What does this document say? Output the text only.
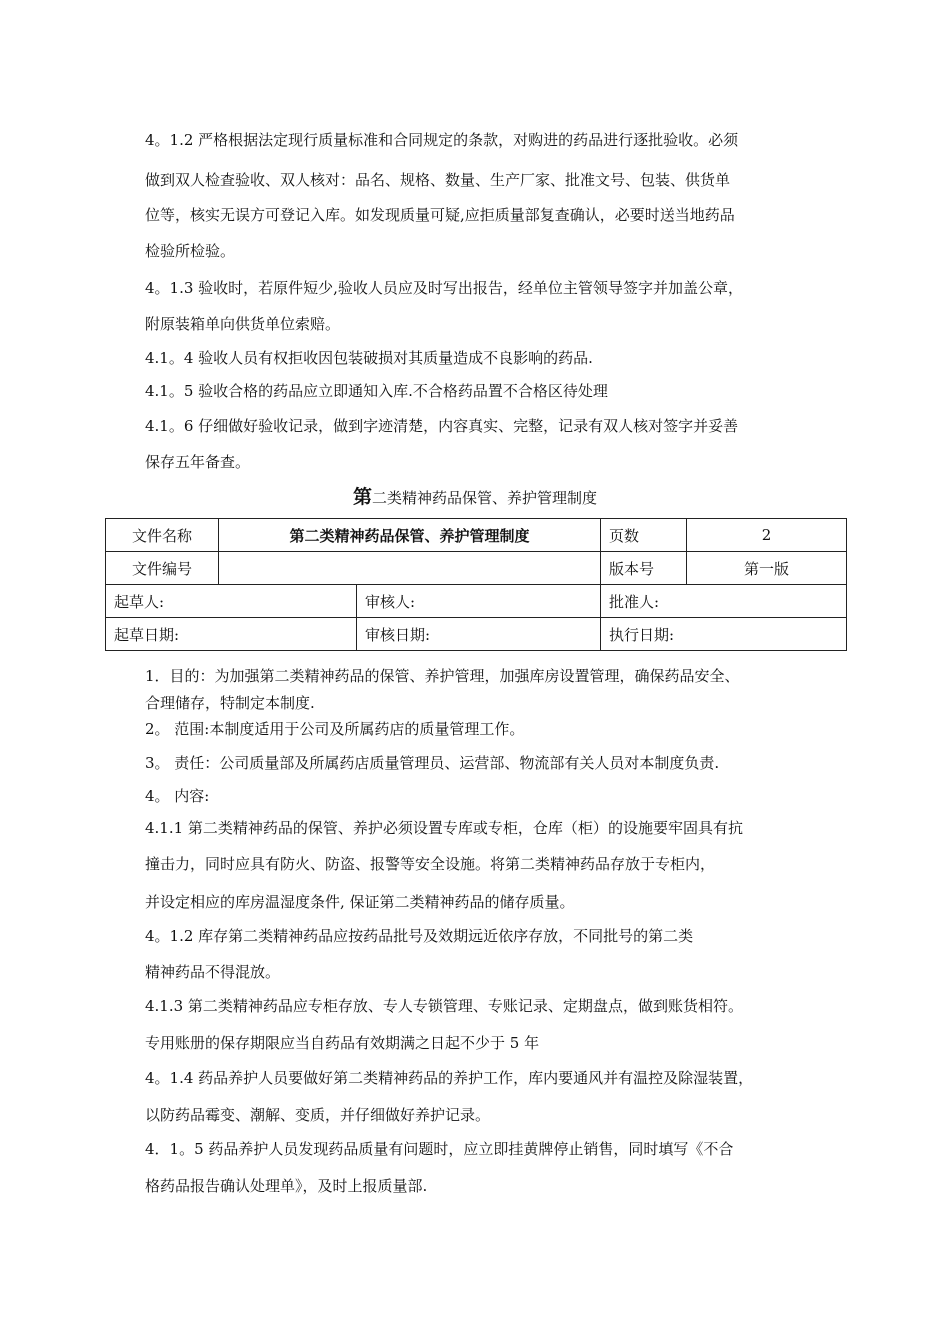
4。1.2 严格根据法定现行质量标准和合同规定的条款，对购进的药品进行逐批验收。必须
做到双人检查验收、双人核对：品名、规格、数量、生产厂家、批准文号、包装、供货单
位等，核实无误方可登记入库。如发现质量可疑,应拒质量部复查确认，必要时送当地药品
检验所检验。
4。1.3 验收时，若原件短少,验收人员应及时写出报告，经单位主管领导签字并加盖公章，
附原装箱单向供货单位索赔。
4.1。4 验收人员有权拒收因包装破损对其质量造成不良影响的药品.
4.1。5 验收合格的药品应立即通知入库.不合格药品置不合格区待处理
4.1。6 仔细做好验收记录，做到字迹清楚，内容真实、完整，记录有双人核对签字并妥善
保存五年备查。
第二类精神药品保管、养护管理制度
文件名称	第二类精神药品保管、养护管理制度		页数	2
文件编号			版本号	第一版
起草人:		审核人:	批准人:	
起草日期:		审核日期:	执行日期:	
1．目的：为加强第二类精神药品的保管、养护管理，加强库房设置管理，确保药品安全、
合理储存，特制定本制度.
2。 范围:本制度适用于公司及所属药店的质量管理工作。
3。 责任：公司质量部及所属药店质量管理员、运营部、物流部有关人员对本制度负责.
4。 内容:
4.1.1 第二类精神药品的保管、养护必须设置专库或专柜，仓库（柜）的设施要牢固具有抗
撞击力，同时应具有防火、防盗、报警等安全设施。将第二类精神药品存放于专柜内，
并设定相应的库房温湿度条件, 保证第二类精神药品的储存质量。
4。1.2 库存第二类精神药品应按药品批号及效期远近依序存放，不同批号的第二类
精神药品不得混放。
4.1.3 第二类精神药品应专柜存放、专人专锁管理、专账记录、定期盘点，做到账货相符。
专用账册的保存期限应当自药品有效期满之日起不少于 5 年
4。1.4 药品养护人员要做好第二类精神药品的养护工作，库内要通风并有温控及除湿装置，
以防药品霉变、潮解、变质，并仔细做好养护记录。
4．1。5 药品养护人员发现药品质量有问题时，应立即挂黄牌停止销售，同时填写《不合
格药品报告确认处理单》，及时上报质量部.
